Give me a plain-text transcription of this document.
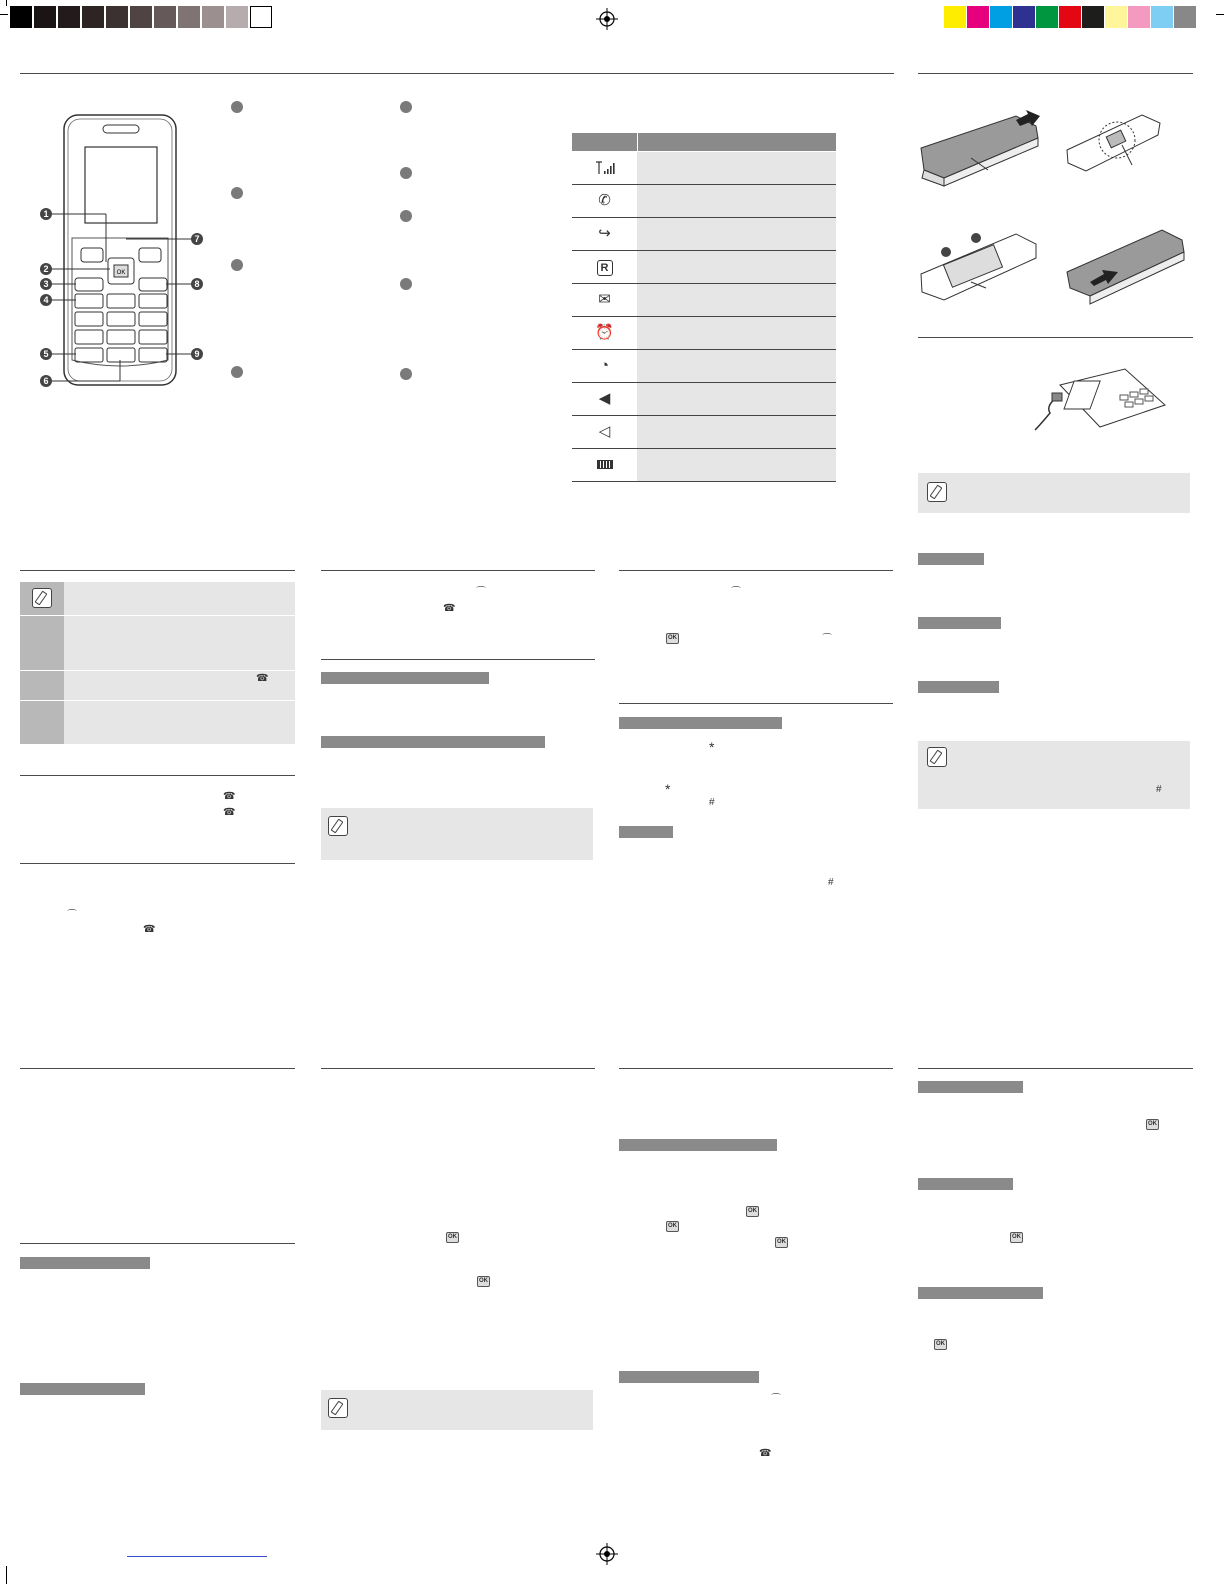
OK
1
2
3
4
5
6
7
8
9
✆
↪
R
✉
⏰
◔
◀
◁
#
☎
☎
☎
⌒
☎
⌒
☎
⌒
OK	⌒
*
*
#
#
OK
OK
OK
OK
OK
⌒
☎
OK
OK
OK
